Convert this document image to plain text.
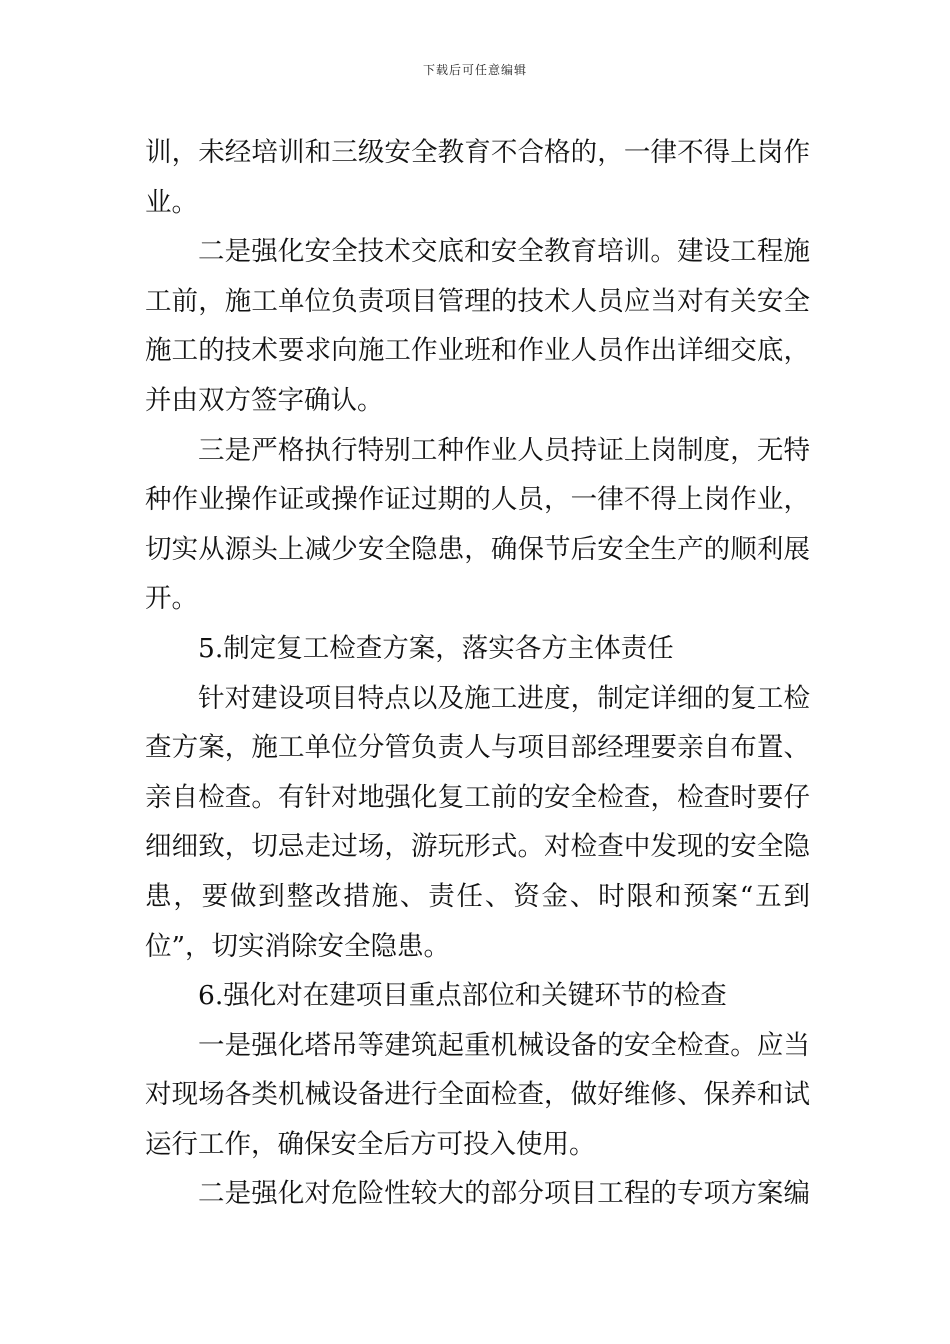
下载后可任意编辑
训，未经培训和三级安全教育不合格的，一律不得上岗作
业。
二是强化安全技术交底和安全教育培训。建设工程施
工前，施工单位负责项目管理的技术人员应当对有关安全
施工的技术要求向施工作业班和作业人员作出详细交底，
并由双方签字确认。
三是严格执行特别工种作业人员持证上岗制度，无特
种作业操作证或操作证过期的人员，一律不得上岗作业，
切实从源头上减少安全隐患，确保节后安全生产的顺利展
开。
5.制定复工检查方案，落实各方主体责任
针对建设项目特点以及施工进度，制定详细的复工检
查方案，施工单位分管负责人与项目部经理要亲自布置、
亲自检查。有针对地强化复工前的安全检查，检查时要仔
细细致，切忌走过场，游玩形式。对检查中发现的安全隐
患，要做到整改措施、责任、资金、时限和预案“五到
位”，切实消除安全隐患。
6.强化对在建项目重点部位和关键环节的检查
一是强化塔吊等建筑起重机械设备的安全检查。应当
对现场各类机械设备进行全面检查，做好维修、保养和试
运行工作，确保安全后方可投入使用。
二是强化对危险性较大的部分项目工程的专项方案编
